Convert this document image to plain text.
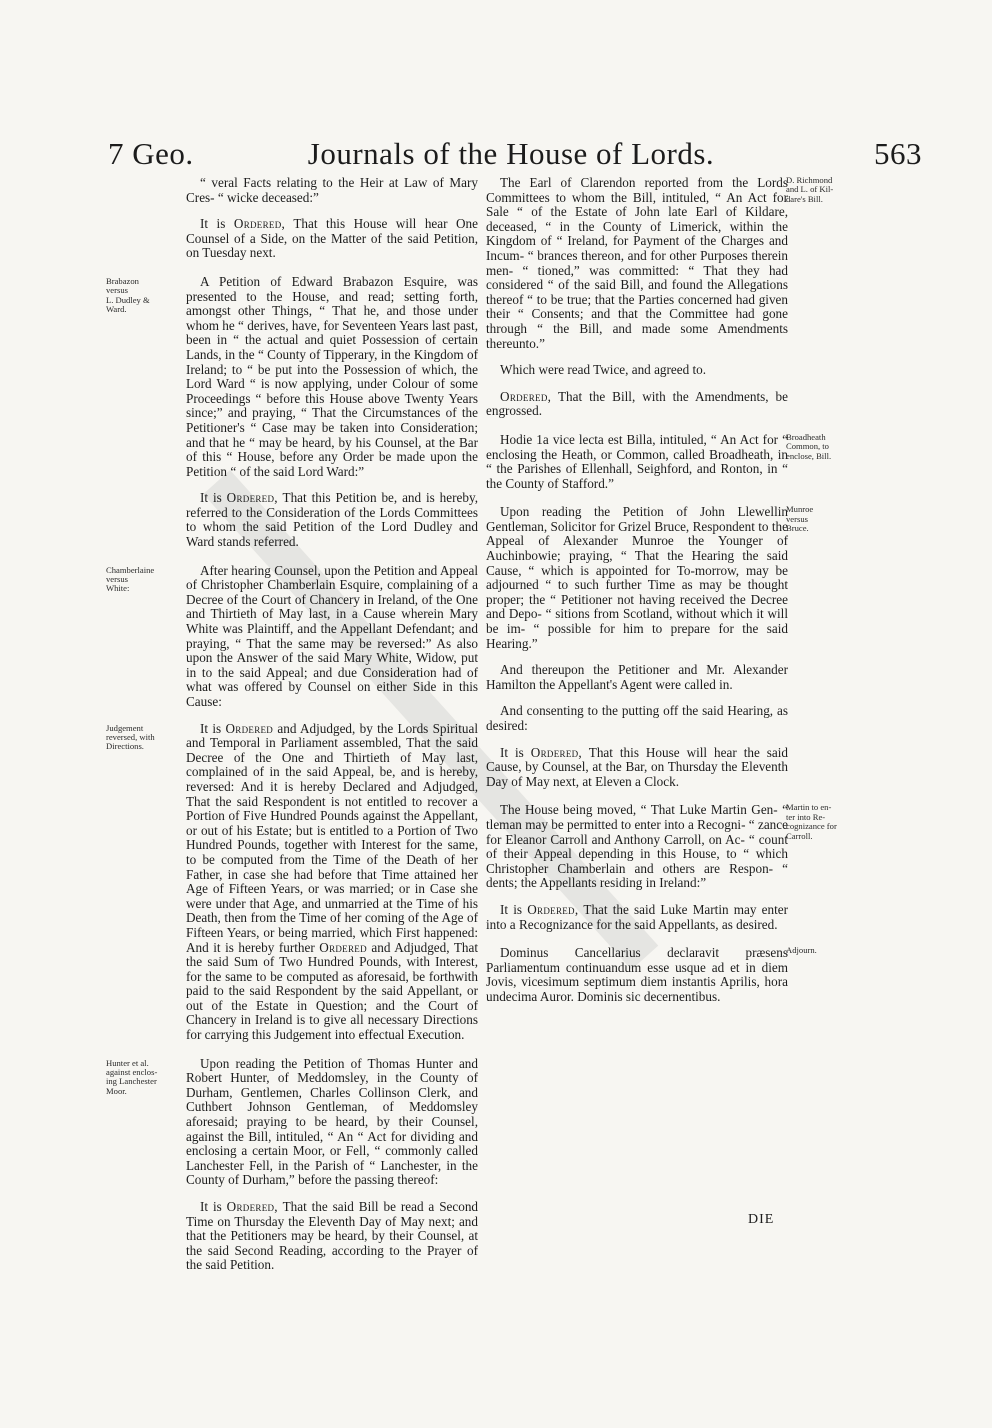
7 Geo.	Journals of the House of Lords.	563

“ veral Facts relating to the Heir at Law of Mary Cres- “ wicke deceased:”

It is Ordered, That this House will hear One Counsel of a Side, on the Matter of the said Petition, on Tuesday next.

Brabazon
versus
L. Dudley &
Ward.

A Petition of Edward Brabazon Esquire, was presented to the House, and read; setting forth, amongst other Things, “ That he, and those under whom he “ derives, have, for Seventeen Years last past, been in “ the actual and quiet Possession of certain Lands, in the “ County of Tipperary, in the Kingdom of Ireland; to “ be put into the Possession of which, the Lord Ward “ is now applying, under Colour of some Proceedings “ before this House above Twenty Years since;” and praying, “ That the Circumstances of the Petitioner's “ Case may be taken into Consideration; and that he “ may be heard, by his Counsel, at the Bar of this “ House, before any Order be made upon the Petition “ of the said Lord Ward:”

It is Ordered, That this Petition be, and is hereby, referred to the Consideration of the Lords Committees to whom the said Petition of the Lord Dudley and Ward stands referred.

Chamberlaine
versus
White:

After hearing Counsel, upon the Petition and Appeal of Christopher Chamberlain Esquire, complaining of a Decree of the Court of Chancery in Ireland, of the One and Thirtieth of May last, in a Cause wherein Mary White was Plaintiff, and the Appellant Defendant; and praying, “ That the same may be reversed:” As also upon the Answer of the said Mary White, Widow, put in to the said Appeal; and due Consideration had of what was offered by Counsel on either Side in this Cause:

Judgement
reversed, with
Directions.

It is Ordered and Adjudged, by the Lords Spiritual and Temporal in Parliament assembled, That the said Decree of the One and Thirtieth of May last, complained of in the said Appeal, be, and is hereby, reversed: And it is hereby Declared and Adjudged, That the said Respondent is not entitled to recover a Portion of Five Hundred Pounds against the Appellant, or out of his Estate; but is entitled to a Portion of Two Hundred Pounds, together with Interest for the same, to be computed from the Time of the Death of her Father, in case she had before that Time attained her Age of Fifteen Years, or was married; or in Case she were under that Age, and unmarried at the Time of his Death, then from the Time of her coming of the Age of Fifteen Years, or being married, which First happened: And it is hereby further Ordered and Adjudged, That the said Sum of Two Hundred Pounds, with Interest, for the same to be computed as aforesaid, be forthwith paid to the said Respondent by the said Appellant, or out of the Estate in Question; and the Court of Chancery in Ireland is to give all necessary Directions for carrying this Judgement into effectual Execution.

Hunter et al.
against enclos-
ing Lanchester
Moor.

Upon reading the Petition of Thomas Hunter and Robert Hunter, of Meddomsley, in the County of Durham, Gentlemen, Charles Collinson Clerk, and Cuthbert Johnson Gentleman, of Meddomsley aforesaid; praying to be heard, by their Counsel, against the Bill, intituled, “ An “ Act for dividing and enclosing a certain Moor, or Fell, “ commonly called Lanchester Fell, in the Parish of “ Lanchester, in the County of Durham,” before the passing thereof:

It is Ordered, That the said Bill be read a Second Time on Thursday the Eleventh Day of May next; and that the Petitioners may be heard, by their Counsel, at the said Second Reading, according to the Prayer of the said Petition.

D. Richmond
and L. of Kil-
dare's Bill.

The Earl of Clarendon reported from the Lords Committees to whom the Bill, intituled, “ An Act for Sale “ of the Estate of John late Earl of Kildare, deceased, “ in the County of Limerick, within the Kingdom of “ Ireland, for Payment of the Charges and Incum- “ brances thereon, and for other Purposes therein men- “ tioned,” was committed: “ That they had considered “ of the said Bill, and found the Allegations thereof “ to be true; that the Parties concerned had given their “ Consents; and that the Committee had gone through “ the Bill, and made some Amendments thereunto.”

Which were read Twice, and agreed to.

Ordered, That the Bill, with the Amendments, be engrossed.

Broadheath
Common, to
enclose, Bill.

Hodie 1a vice lecta est Billa, intituled, “ An Act for “ enclosing the Heath, or Common, called Broadheath, in “ the Parishes of Ellenhall, Seighford, and Ronton, in “ the County of Stafford.”

Munroe
versus
Bruce.

Upon reading the Petition of John Llewellin Gentleman, Solicitor for Grizel Bruce, Respondent to the Appeal of Alexander Munroe the Younger of Auchinbowie; praying, “ That the Hearing the said Cause, “ which is appointed for To-morrow, may be adjourned “ to such further Time as may be thought proper; the “ Petitioner not having received the Decree and Depo- “ sitions from Scotland, without which it will be im- “ possible for him to prepare for the said Hearing.”

And thereupon the Petitioner and Mr. Alexander Hamilton the Appellant's Agent were called in.

And consenting to the putting off the said Hearing, as desired:

It is Ordered, That this House will hear the said Cause, by Counsel, at the Bar, on Thursday the Eleventh Day of May next, at Eleven a Clock.

Martin to en-
ter into Re-
cognizance for
Carroll.

The House being moved, “ That Luke Martin Gen- “ tleman may be permitted to enter into a Recogni- “ zance for Eleanor Carroll and Anthony Carroll, on Ac- “ count of their Appeal depending in this House, to “ which Christopher Chamberlain and others are Respon- “ dents; the Appellants residing in Ireland:”

It is Ordered, That the said Luke Martin may enter into a Recognizance for the said Appellants, as desired.

Adjourn.

Dominus Cancellarius declaravit præsens Parliamentum continuandum esse usque ad et in diem Jovis, vicesimum septimum diem instantis Aprilis, hora undecima Auror. Dominis sic decernentibus.

DIE
